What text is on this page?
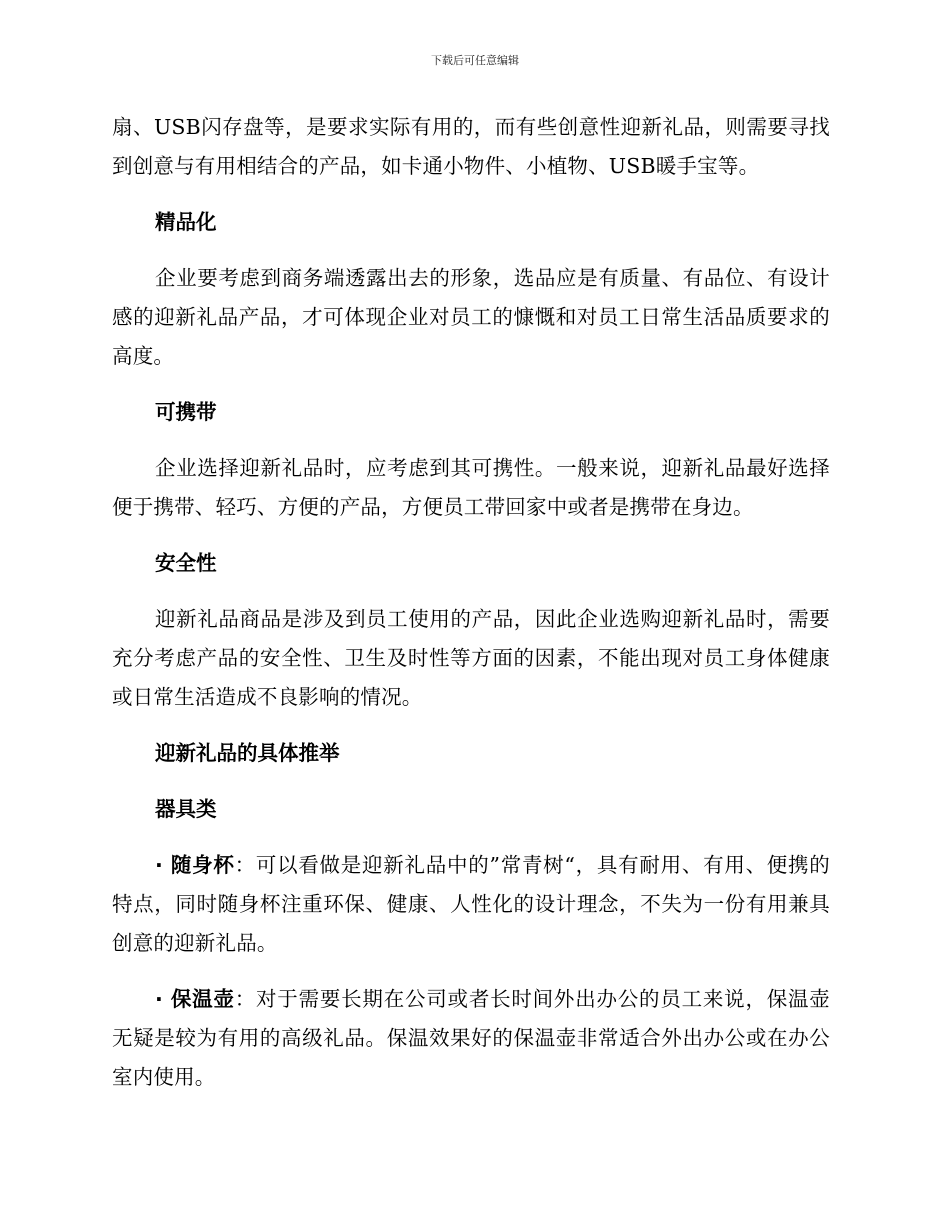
下载后可任意编辑

扇、USB闪存盘等，是要求实际有用的，而有些创意性迎新礼品，则需要寻找到创意与有用相结合的产品，如卡通小物件、小植物、USB暖手宝等。

精品化

企业要考虑到商务端透露出去的形象，选品应是有质量、有品位、有设计感的迎新礼品产品，才可体现企业对员工的慷慨和对员工日常生活品质要求的高度。

可携带

企业选择迎新礼品时，应考虑到其可携性。一般来说，迎新礼品最好选择便于携带、轻巧、方便的产品，方便员工带回家中或者是携带在身边。

安全性

迎新礼品商品是涉及到员工使用的产品，因此企业选购迎新礼品时，需要充分考虑产品的安全性、卫生及时性等方面的因素，不能出现对员工身体健康或日常生活造成不良影响的情况。

迎新礼品的具体推举
器具类

· 随身杯：可以看做是迎新礼品中的”常青树“，具有耐用、有用、便携的特点，同时随身杯注重环保、健康、人性化的设计理念，不失为一份有用兼具创意的迎新礼品。

· 保温壶：对于需要长期在公司或者长时间外出办公的员工来说，保温壶无疑是较为有用的高级礼品。保温效果好的保温壶非常适合外出办公或在办公室内使用。
